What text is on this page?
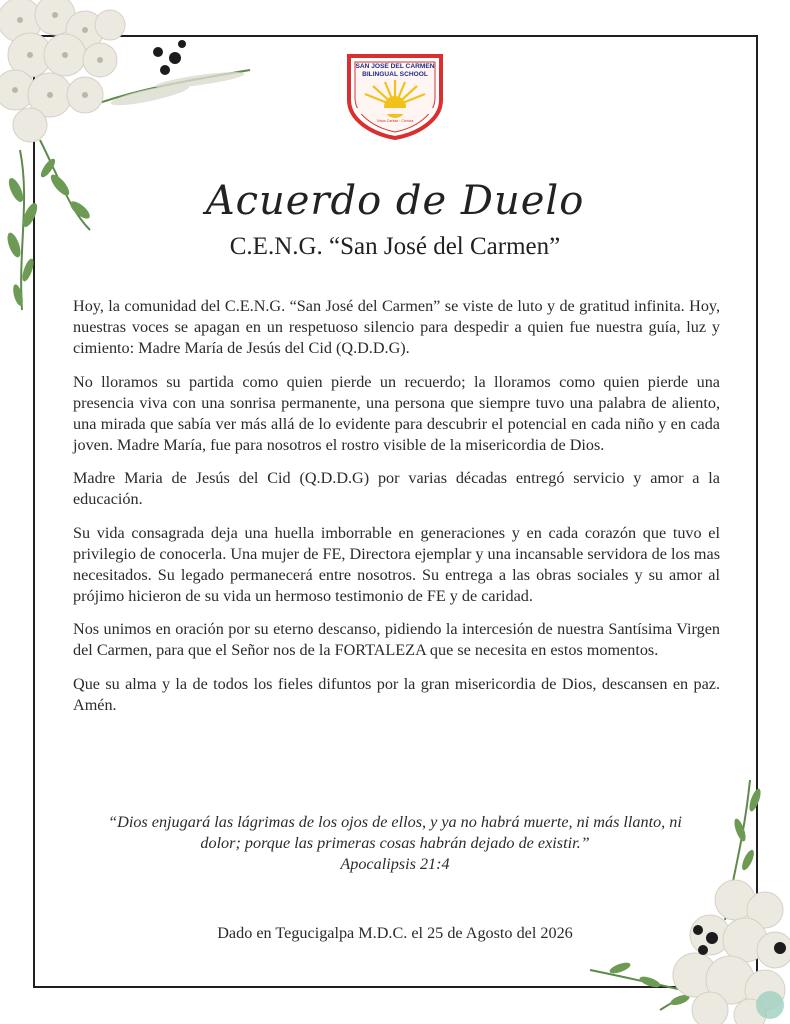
SAN JOSE DEL CARMEN
BILINGUAL SCHOOL
Virtus Caritas · Ciencia
Acuerdo de Duelo
C.E.N.G. “San José del Carmen”

Hoy, la comunidad del C.E.N.G. “San José del Carmen” se viste de luto y de gratitud infinita. Hoy, nuestras voces se apagan en un respetuoso silencio para despedir a quien fue nuestra guía, luz y cimiento: Madre María de Jesús del Cid (Q.D.D.G).

No lloramos su partida como quien pierde un recuerdo; la lloramos como quien pierde una presencia viva con una sonrisa permanente, una persona que siempre tuvo una palabra de aliento, una mirada que sabía ver más allá de lo evidente para descubrir el potencial en cada niño y en cada joven. Madre María, fue para nosotros el rostro visible de la misericordia de Dios.

Madre Maria de Jesús del Cid (Q.D.D.G) por varias décadas entregó servicio y amor a la educación.

Su vida consagrada deja una huella imborrable en generaciones y en cada corazón que tuvo el privilegio de conocerla. Una mujer de FE, Directora ejemplar y una incansable servidora de los mas necesitados. Su legado permanecerá entre nosotros. Su entrega a las obras sociales y su amor al prójimo hicieron de su vida un hermoso testimonio de FE y de caridad.

Nos unimos en oración por su eterno descanso, pidiendo la intercesión de nuestra Santísima Virgen del Carmen, para que el Señor nos de la FORTALEZA que se necesita en estos momentos.

Que su alma y la de todos los fieles difuntos por la gran misericordia de Dios, descansen en paz. Amén.

“Dios enjugará las lágrimas de los ojos de ellos, y ya no habrá muerte, ni más llanto, ni
dolor; porque las primeras cosas habrán dejado de existir.”
Apocalipsis 21:4
Dado en Tegucigalpa M.D.C. el 25 de Agosto del 2026
